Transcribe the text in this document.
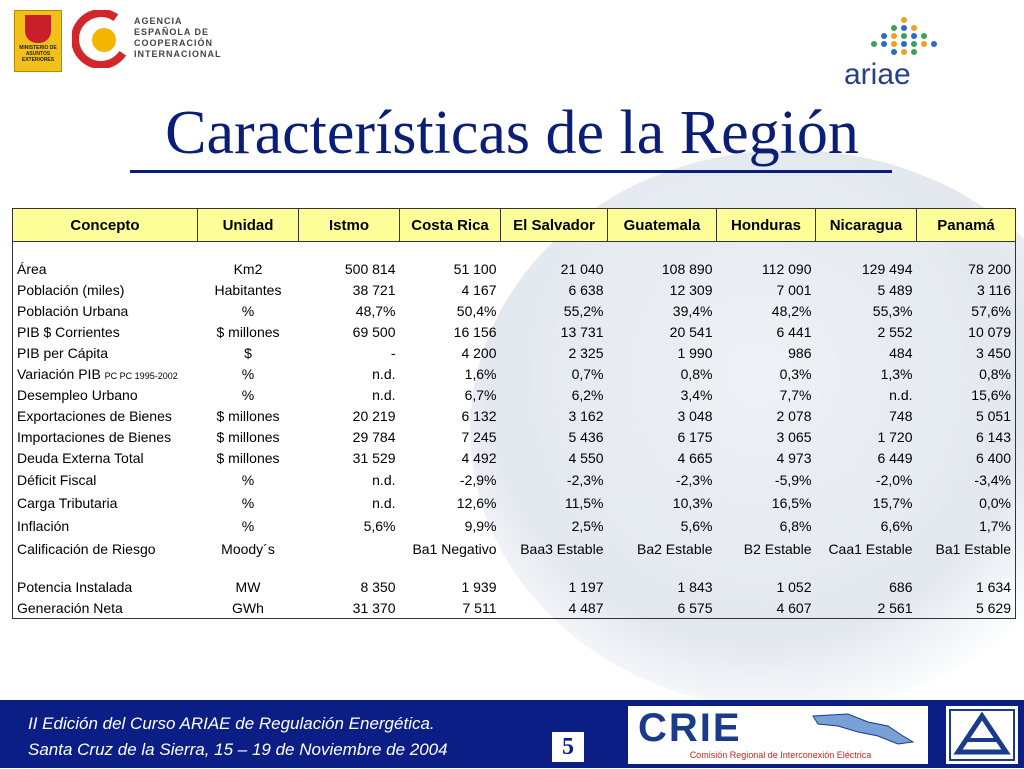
MINISTERIO DE ASUNTOS EXTERIORES
AGENCIA
ESPAÑOLA DE
COOPERACIÓN
INTERNACIONAL
ariae
Características de la Región
Concepto	Unidad	Istmo	Costa Rica	El Salvador	Guatemala	Honduras	Nicaragua	Panamá

Área	Km2	500 814	51 100	21 040	108 890	112 090	129 494	78 200
Población (miles)	Habitantes	38 721	4 167	6 638	12 309	7 001	5 489	3 116
Población Urbana	%	48,7%	50,4%	55,2%	39,4%	48,2%	55,3%	57,6%
PIB $ Corrientes	$ millones	69 500	16 156	13 731	20 541	6 441	2 552	10 079
PIB per Cápita	$	-	4 200	2 325	1 990	986	484	3 450
Variación PIB PC PC 1995-2002	%	n.d.	1,6%	0,7%	0,8%	0,3%	1,3%	0,8%
Desempleo Urbano	%	n.d.	6,7%	6,2%	3,4%	7,7%	n.d.	15,6%
Exportaciones de Bienes	$ millones	20 219	6 132	3 162	3 048	2 078	748	5 051
Importaciones de Bienes	$ millones	29 784	7 245	5 436	6 175	3 065	1 720	6 143
Deuda Externa Total	$ millones	31 529	4 492	4 550	4 665	4 973	6 449	6 400
Déficit Fiscal	%	n.d.	-2,9%	-2,3%	-2,3%	-5,9%	-2,0%	-3,4%
Carga Tributaria	%	n.d.	12,6%	11,5%	10,3%	16,5%	15,7%	0,0%
Inflación	%	5,6%	9,9%	2,5%	5,6%	6,8%	6,6%	1,7%
Calificación de Riesgo	Moody´s		Ba1 Negativo	Baa3 Estable	Ba2 Estable	B2 Estable	Caa1 Estable	Ba1 Estable

Potencia Instalada	MW	8 350	1 939	1 197	1 843	1 052	686	1 634
Generación Neta	GWh	31 370	7 511	4 487	6 575	4 607	2 561	5 629
II Edición del Curso ARIAE de Regulación Energética.
Santa Cruz de la Sierra, 15 – 19 de Noviembre de 2004	5 CRIE
Comisión Regional de Interconexión Eléctrica
